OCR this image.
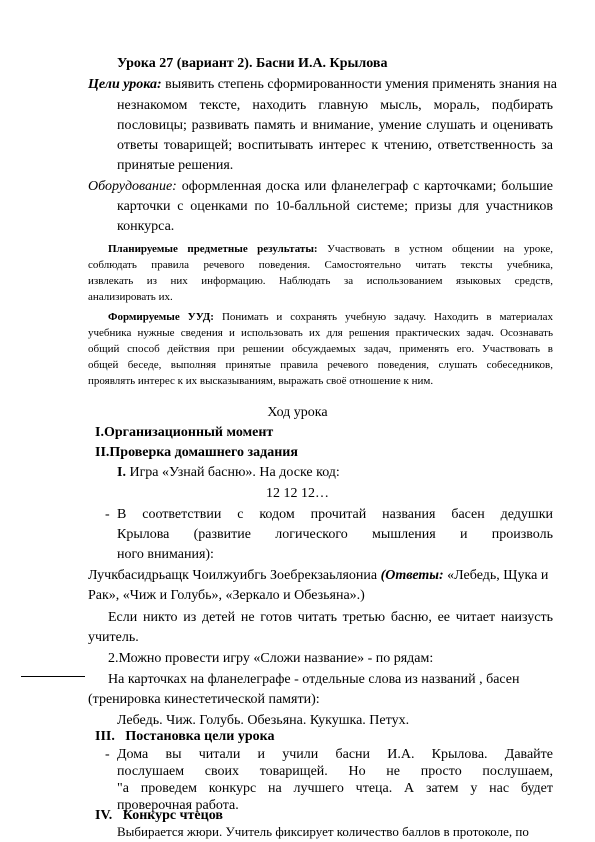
Урока 27 (вариант 2). Басни И.А. Крылова
Цели урока: выявить степень сформированности умения применять знания на
незнакомом тексте, находить главную мысль, мораль, подбирать
пословицы; развивать память и внимание, умение слушать и оценивать
ответы товарищей; воспитывать интерес к чтению, ответственность за
принятые решения.
Оборудование: оформленная доска или фланелеграф с карточками; большие
карточки с оценками по 10-балльной системе; призы для участников
конкурса.
Планируемые предметные результаты: Участвовать в устном общении на уроке,
соблюдать правила речевого поведения. Самостоятельно читать тексты учебника,
извлекать из них информацию. Наблюдать за использованием языковых средств,
анализировать их.
Формируемые УУД: Понимать и сохранять учебную задачу. Находить в материалах
учебника нужные сведения и использовать их для решения практических задач. Осознавать
общий способ действия при решении обсуждаемых задач, применять его. Участвовать в
общей беседе, выполняя принятые правила речевого поведения, слушать собеседников,
проявлять интерес к их высказываниям, выражать своё отношение к ним.
Ход урока
I.Организационный момент
II.Проверка домашнего задания
I. Игра «Узнай басню». На доске код:
12 12 12…
- В соответствии с кодом прочитай названия басен дедушки
Крылова (развитие логического мышления и произволь
ного внимания):
Лучкбасидрьащк Чоилжуибгь Зоебрекзаьляониа (Ответы: «Лебедь, Щука и
Рак», «Чиж и Голубь», «Зеркало и Обезьяна».)
Если никто из детей не готов читать третью басню, ее читает наизусть
учитель.
2.Можно провести игру «Сложи название» - по рядам:
На карточках на фланелеграфе - отдельные слова из названий , басен
(тренировка кинестетической памяти):
Лебедь. Чиж. Голубь. Обезьяна. Кукушка. Петух.
III.   Постановка цели урока
- Дома вы читали и учили басни И.А. Крылова. Давайте
послушаем своих товарищей. Но не просто послушаем,
"а проведем конкурс на лучшего чтеца. А затем у нас будет
проверочная работа.
IV.   Конкурс чтецов
Выбирается жюри. Учитель фиксирует количество баллов в протоколе, по
